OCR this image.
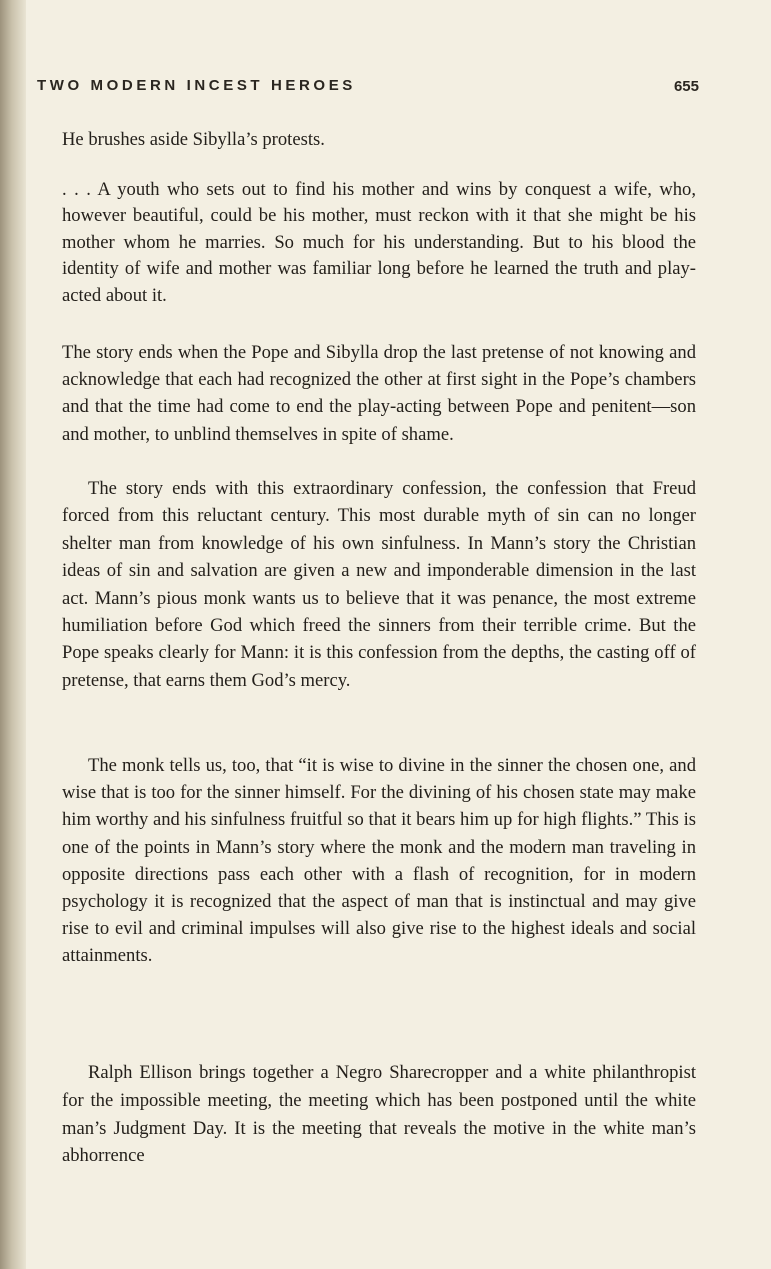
TWO MODERN INCEST HEROES	655

He brushes aside Sibylla’s protests.

. . . A youth who sets out to find his mother and wins by conquest a wife, who, however beautiful, could be his mother, must reckon with it that she might be his mother whom he marries. So much for his understanding. But to his blood the identity of wife and mother was familiar long before he learned the truth and play-acted about it.

The story ends when the Pope and Sibylla drop the last pretense of not knowing and acknowledge that each had recognized the other at first sight in the Pope’s chambers and that the time had come to end the play-acting between Pope and penitent—son and mother, to unblind themselves in spite of shame.

The story ends with this extraordinary confession, the confession that Freud forced from this reluctant century. This most durable myth of sin can no longer shelter man from knowledge of his own sinfulness. In Mann’s story the Christian ideas of sin and salvation are given a new and imponderable dimension in the last act. Mann’s pious monk wants us to believe that it was penance, the most extreme humiliation before God which freed the sinners from their terrible crime. But the Pope speaks clearly for Mann: it is this confession from the depths, the casting off of pretense, that earns them God’s mercy.

The monk tells us, too, that “it is wise to divine in the sinner the chosen one, and wise that is too for the sinner himself. For the divining of his chosen state may make him worthy and his sinfulness fruitful so that it bears him up for high flights.” This is one of the points in Mann’s story where the monk and the modern man traveling in opposite directions pass each other with a flash of recognition, for in modern psychology it is recognized that the aspect of man that is instinctual and may give rise to evil and criminal impulses will also give rise to the highest ideals and social attainments.

Ralph Ellison brings together a Negro Sharecropper and a white philanthropist for the impossible meeting, the meeting which has been postponed until the white man’s Judgment Day. It is the meeting that reveals the motive in the white man’s abhorrence
